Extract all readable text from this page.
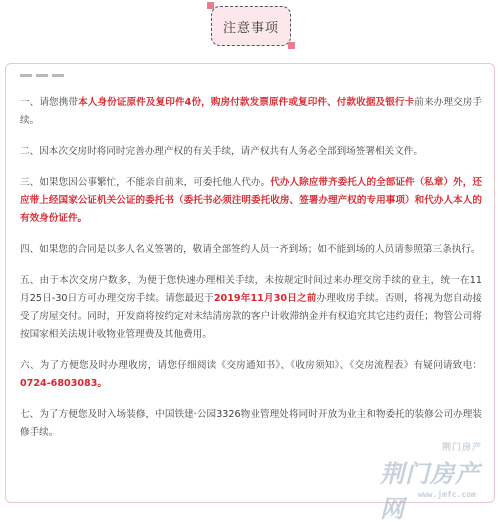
注意事项

一、请您携带本人身份证原件及复印件4份，购房付款发票原件或复印件、付款收据及银行卡前来办理交房手续。

二、因本次交房时将同时完善办理产权的有关手续，请产权共有人务必全部到场签署相关文件。

三、如果您因公事繁忙，不能亲自前来，可委托他人代办。代办人除应带齐委托人的全部证件（私章）外，还应带上经国家公证机关公证的委托书（委托书必须注明委托收房、签署办理产权的专用事项）和代办人本人的有效身份证件。

四、如果您的合同是以多人名义签署的，敬请全部签约人员一齐到场；如不能到场的人员请参照第三条执行。

五、由于本次交房户数多，为便于您快速办理相关手续，未按规定时间过来办理交房手续的业主，统一在11月25日-30日方可办理交房手续。请您最迟于2019年11月30日之前办理收房手续。否则，将视为您自动接受了房屋交付。同时，开发商将按约定对未结清房款的客户计收滞纳金并有权追究其它违约责任；物管公司将按国家相关法规计收物业管理费及其他费用。

六、为了方便您及时办理收房，请您仔细阅读《交房通知书》、《收房须知》、《交房流程表》有疑问请致电：0724-6803083。

七、为了方便您及时入场装修，中国铁建·公园3326物业管理处将同时开放为业主和物委托的装修公司办理装修手续。

荆门房产
荆门房产网
www.jmfc.com
